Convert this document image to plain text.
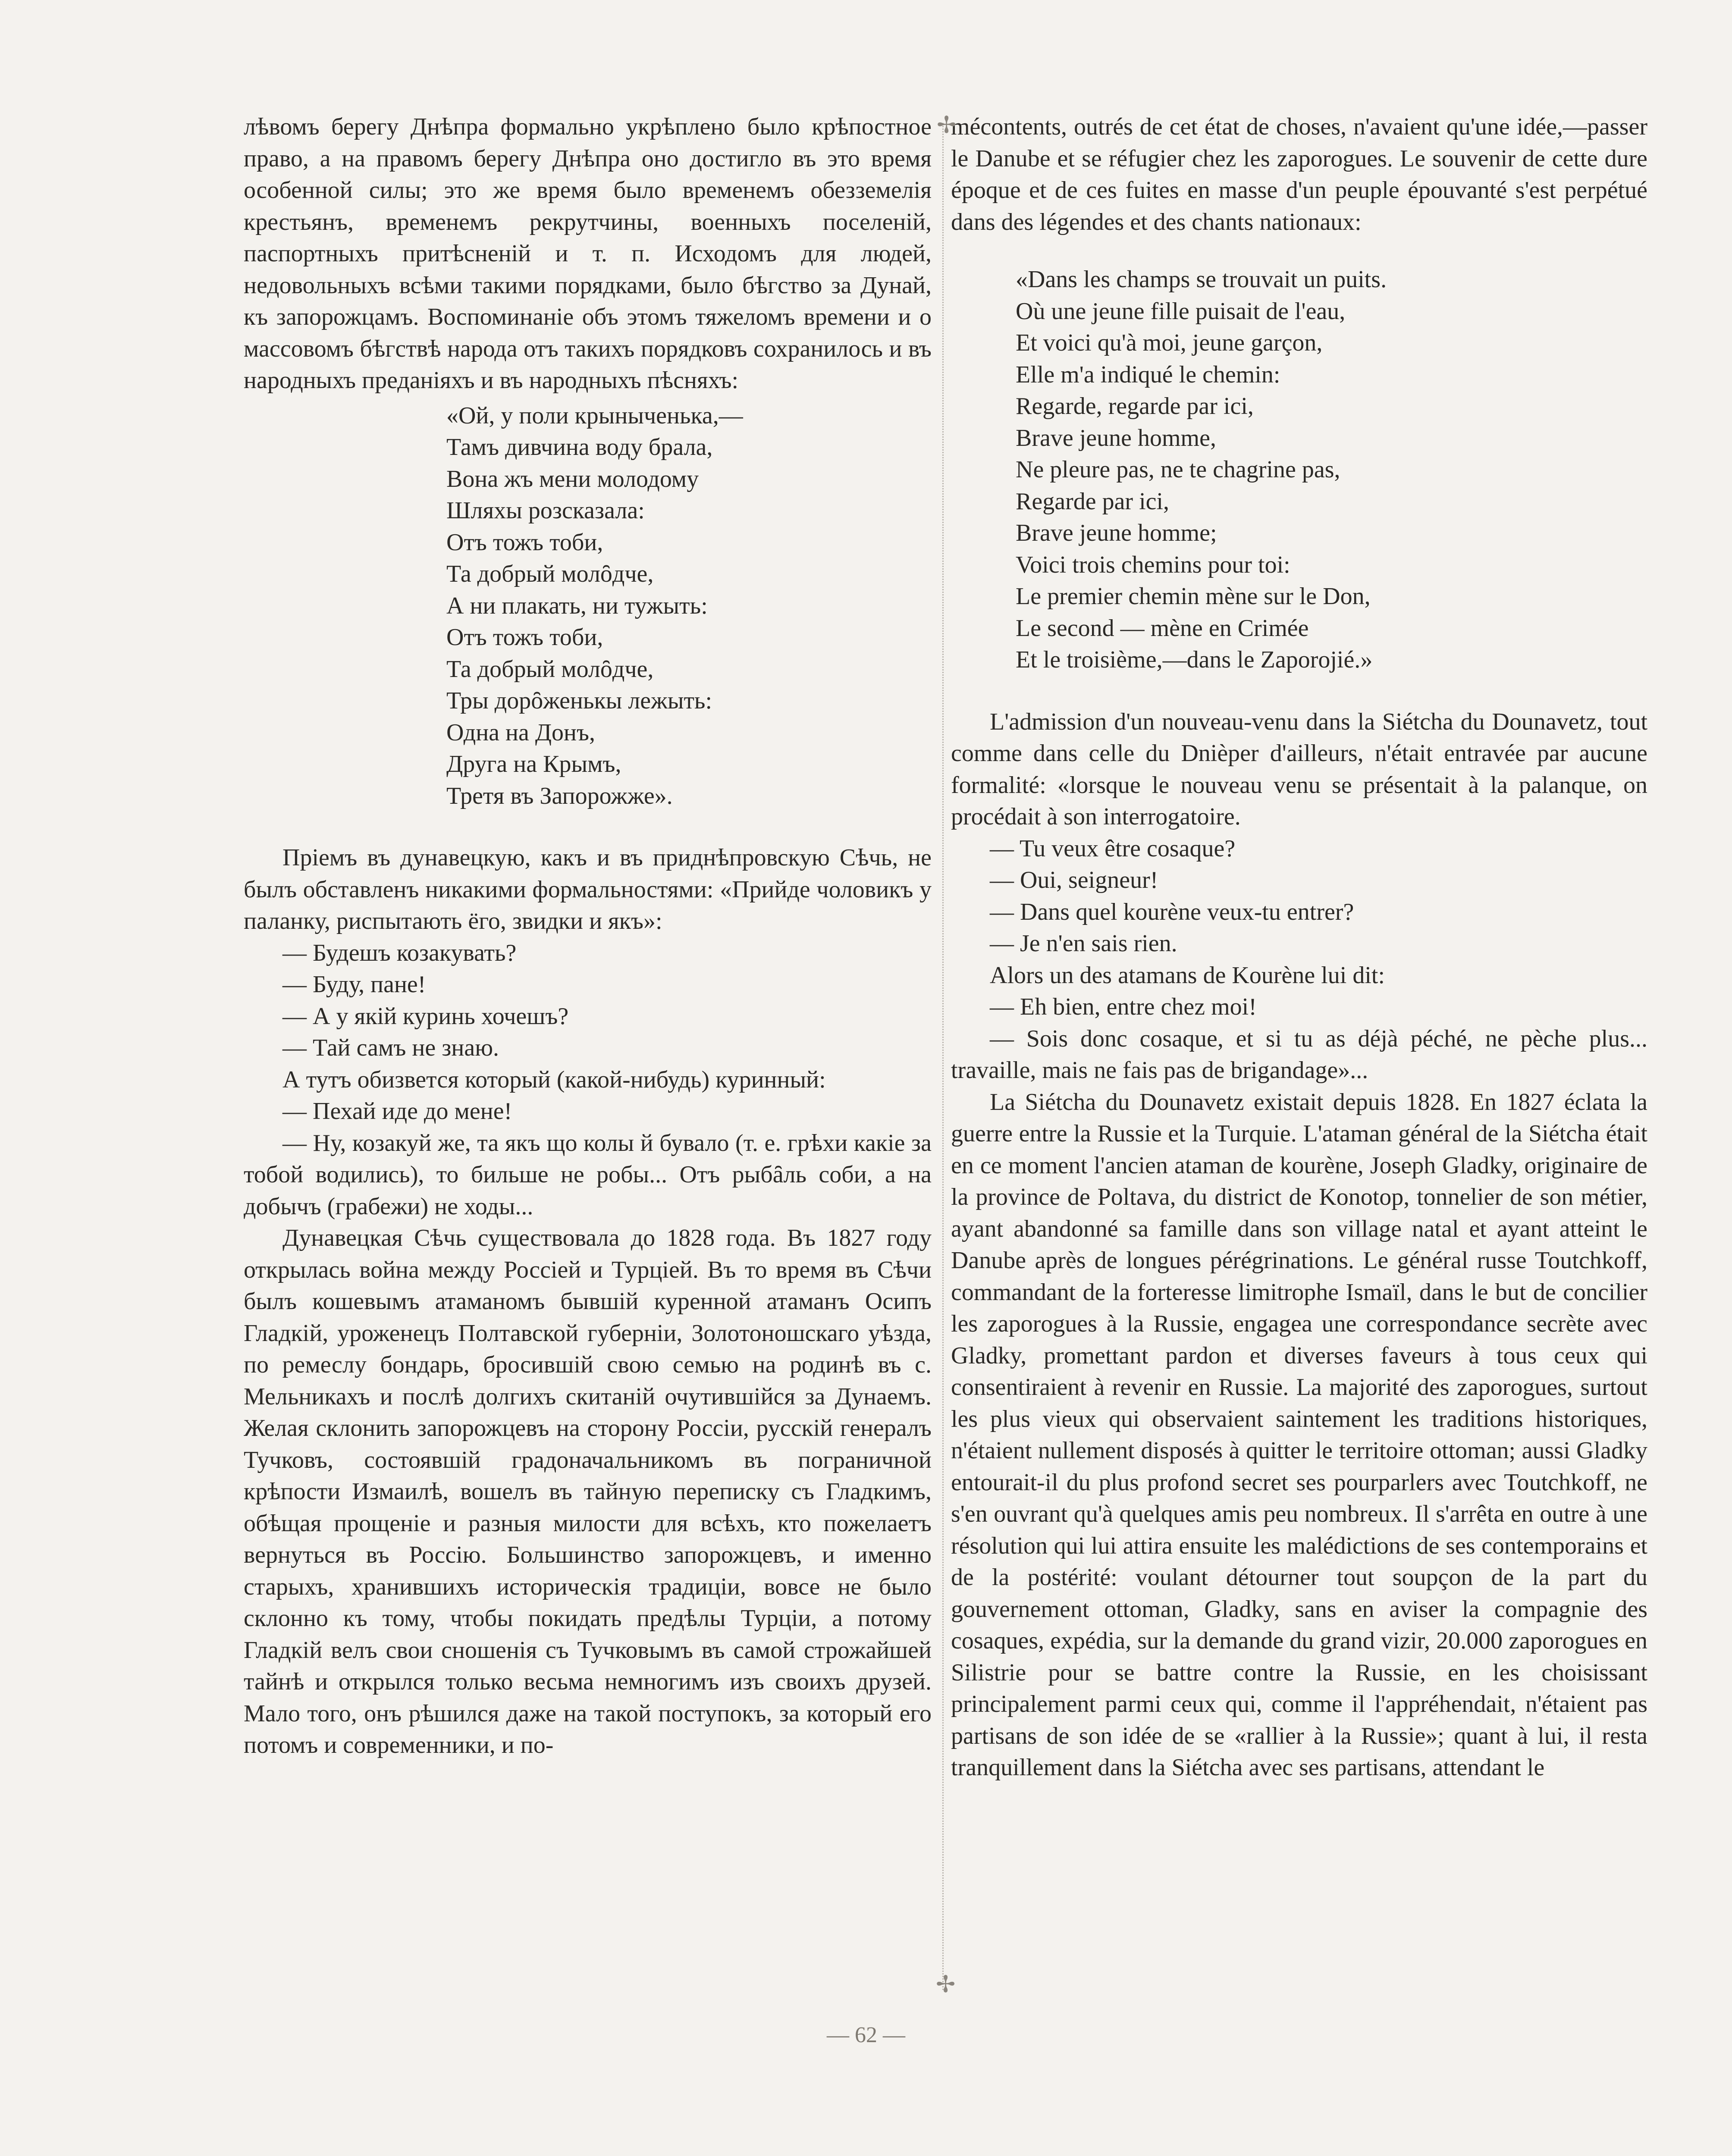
лѣвомъ берегу Днѣпра формально укрѣплено было крѣпостное право, а на правомъ берегу Днѣпра оно достигло въ это время особенной силы; это же время было временемъ обезземелія крестьянъ, временемъ рекрутчины, военныхъ поселеній, паспортныхъ притѣсненій и т. п. Исходомъ для людей, недовольныхъ всѣми такими порядками, было бѣгство за Дунай, къ запорожцамъ. Воспоминаніе объ этомъ тяжеломъ времени и о массовомъ бѣгствѣ народа отъ такихъ порядковъ сохранилось и въ народныхъ преданіяхъ и въ народныхъ пѣсняхъ:

«Ой, у поли крыныченька,—
Тамъ дивчина воду брала,
Вона жъ мени молодому
Шляхы розсказала:
Отъ тожъ тоби,
Та добрый молȏдче,
А ни плакать, ни тужыть:
Отъ тожъ тоби,
Та добрый молȏдче,
Тры дорȏженькы лежыть:
Одна на Донъ,
Друга на Крымъ,
Третя въ Запорожже».

Пріемъ въ дунавецкую, какъ и въ приднѣпровскую Сѣчь, не былъ обставленъ никакими формальностями: «Прийде чоловикъ у паланку, риспытають ёго, звидки и якъ»:

— Будешъ козакувать?

— Буду, пане!

— А у якiй куринь хочешъ?

— Тай самъ не знаю.

А тутъ обизвется который (какой-нибудь) куринный:

— Пехай иде до мене!

— Ну, козакуй же, та якъ що колы й бувало (т. е. грѣхи какіе за тобой водились), то бильше не робы... Отъ рыбȃль соби, а на добычъ (грабежи) не ходы...

Дунавецкая Сѣчь существовала до 1828 года. Въ 1827 году открылась война между Россіей и Турціей. Въ то время въ Сѣчи былъ кошевымъ атаманомъ бывшій куренной атаманъ Осипъ Гладкій, уроженецъ Полтавской губерніи, Золотоношскаго уѣзда, по ремеслу бондарь, бросившій свою семью на родинѣ въ с. Мельникахъ и послѣ долгихъ скитаній очутившійся за Дунаемъ. Желая склонить запорожцевъ на сторону Россіи, русскій генералъ Тучковъ, состоявшій градоначальникомъ въ пограничной крѣпости Измаилѣ, вошелъ въ тайную переписку съ Гладкимъ, обѣщая прощеніе и разныя милости для всѣхъ, кто пожелаетъ вернуться въ Россію. Большинство запорожцевъ, и именно старыхъ, хранившихъ историческія традиціи, вовсе не было склонно къ тому, чтобы покидать предѣлы Турціи, а потому Гладкій велъ свои сношенія съ Тучковымъ въ самой строжайшей тайнѣ и открылся только весьма немногимъ изъ своихъ друзей. Мало того, онъ рѣшился даже на такой поступокъ, за который его потомъ и современники, и по-

mécontents, outrés de cet état de choses, n'avaient qu'une idée,—passer le Danube et se réfugier chez les zaporogues. Le souvenir de cette dure époque et de ces fuites en masse d'un peuple épouvanté s'est perpétué dans des légendes et des chants nationaux:

«Dans les champs se trouvait un puits.
Où une jeune fille puisait de l'eau,
Et voici qu'à moi, jeune garçon,
Elle m'a indiqué le chemin:
Regarde, regarde par ici,
Brave jeune homme,
Ne pleure pas, ne te chagrine pas,
Regarde par ici,
Brave jeune homme;
Voici trois chemins pour toi:
Le premier chemin mène sur le Don,
Le second — mène en Crimée
Et le troisième,—dans le Zaporojié.»

L'admission d'un nouveau-venu dans la Siétcha du Dounavetz, tout comme dans celle du Dnièper d'ailleurs, n'était entravée par aucune formalité: «lorsque le nouveau venu se présentait à la palanque, on procédait à son interrogatoire.

— Tu veux être cosaque?

— Oui, seigneur!

— Dans quel kourène veux-tu entrer?

— Je n'en sais rien.

Alors un des atamans de Kourène lui dit:

— Eh bien, entre chez moi!

— Sois donc cosaque, et si tu as déjà péché, ne pèche plus... travaille, mais ne fais pas de brigandage»...

La Siétcha du Dounavetz existait depuis 1828. En 1827 éclata la guerre entre la Russie et la Turquie. L'ataman général de la Siétcha était en ce moment l'ancien ataman de kourène, Joseph Gladky, originaire de la province de Poltava, du district de Konotop, tonnelier de son métier, ayant abandonné sa famille dans son village natal et ayant atteint le Danube après de longues pérégrinations. Le général russe Toutchkoff, commandant de la forteresse limitrophe Ismaïl, dans le but de concilier les zaporogues à la Russie, engagea une correspondance secrète avec Gladky, promettant pardon et diverses faveurs à tous ceux qui consentiraient à revenir en Russie. La majorité des zaporogues, surtout les plus vieux qui observaient saintement les traditions historiques, n'étaient nullement disposés à quitter le territoire ottoman; aussi Gladky entourait-il du plus profond secret ses pourparlers avec Toutchkoff, ne s'en ouvrant qu'à quelques amis peu nombreux. Il s'arrêta en outre à une résolution qui lui attira ensuite les malédictions de ses contemporains et de la postérité: voulant détourner tout soupçon de la part du gouvernement ottoman, Gladky, sans en aviser la compagnie des cosaques, expédia, sur la demande du grand vizir, 20.000 zaporogues en Silistrie pour se battre contre la Russie, en les choisissant principalement parmi ceux qui, comme il l'appréhendait, n'étaient pas partisans de son idée de se «rallier à la Russie»; quant à lui, il resta tranquillement dans la Siétcha avec ses partisans, attendant le

— 62 —
✢
✢
